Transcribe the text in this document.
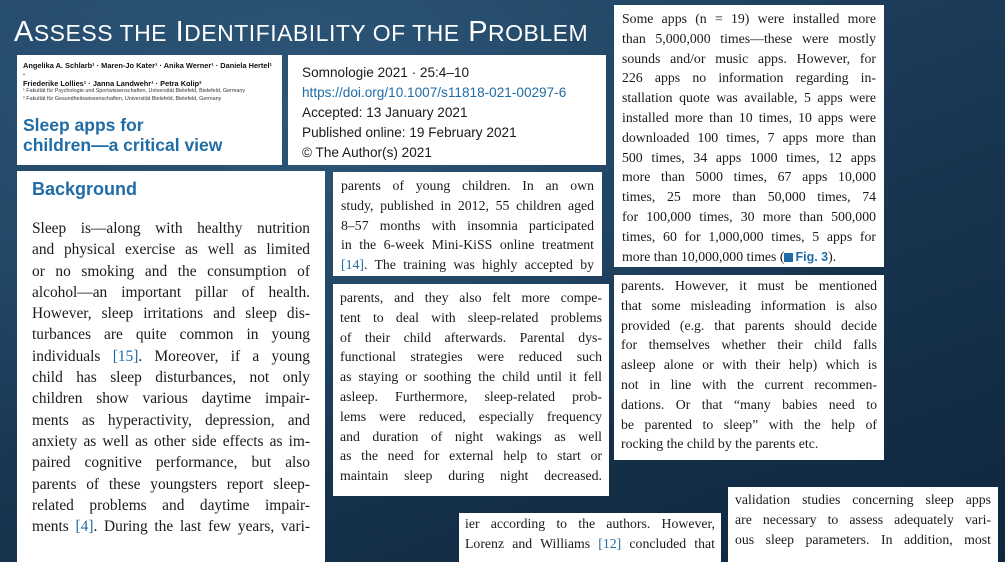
ASSESS THE IDENTIFIABILITY OF THE PROBLEM
Angelika A. Schlarb¹ · Maren-Jo Kater¹ · Anika Werner¹ · Daniela Hertel¹ ·
Friederike Lollies¹ · Janna Landwehr¹ · Petra Kolip²
¹ Fakultät für Psychologie und Sportwissenschaften, Universität Bielefeld, Bielefeld, Germany
² Fakultät für Gesundheitswissenschaften, Universität Bielefeld, Bielefeld, Germany
Sleep apps for
children—a critical view
Somnologie 2021 · 25:4–10
https://doi.org/10.1007/s11818-021-00297-6
Accepted: 13 January 2021
Published online: 19 February 2021
© The Author(s) 2021
Background
Sleep is—along with healthy nutrition
and physical exercise as well as limited
or no smoking and the consumption of
alcohol—an important pillar of health.
However, sleep irritations and sleep dis-
turbances are quite common in young
individuals [15]. Moreover, if a young
child has sleep disturbances, not only
children show various daytime impair-
ments as hyperactivity, depression, and
anxiety as well as other side effects as im-
paired cognitive performance, but also
parents of these youngsters report sleep-
related problems and daytime impair-
ments [4]. During the last few years, vari-
parents of young children. In an own
study, published in 2012, 55 children aged
8–57 months with insomnia participated
in the 6-week Mini-KiSS online treatment
[14]. The training was highly accepted by
parents, and they also felt more compe-
tent to deal with sleep-related problems
of their child afterwards. Parental dys-
functional strategies were reduced such
as staying or soothing the child until it fell
asleep. Furthermore, sleep-related prob-
lems were reduced, especially frequency
and duration of night wakings as well
as the need for external help to start or
maintain sleep during night decreased.
Some apps (n = 19) were installed more
than 5,000,000 times—these were mostly
sounds and/or music apps. However, for
226 apps no information regarding in-
stallation quote was available, 5 apps were
installed more than 10 times, 10 apps were
downloaded 100 times, 7 apps more than
500 times, 34 apps 1000 times, 12 apps
more than 5000 times, 67 apps 10,000
times, 25 more than 50,000 times, 74
for 100,000 times, 30 more than 500,000
times, 60 for 1,000,000 times, 5 apps for
more than 10,000,000 times ( Fig. 3).
parents. However, it must be mentioned
that some misleading information is also
provided (e.g. that parents should decide
for themselves whether their child falls
asleep alone or with their help) which is
not in line with the current recommen-
dations. Or that “many babies need to
be parented to sleep” with the help of
rocking the child by the parents etc.
ier according to the authors. However,
Lorenz and Williams [12] concluded that
validation studies concerning sleep apps
are necessary to assess adequately vari-
ous sleep parameters. In addition, most
